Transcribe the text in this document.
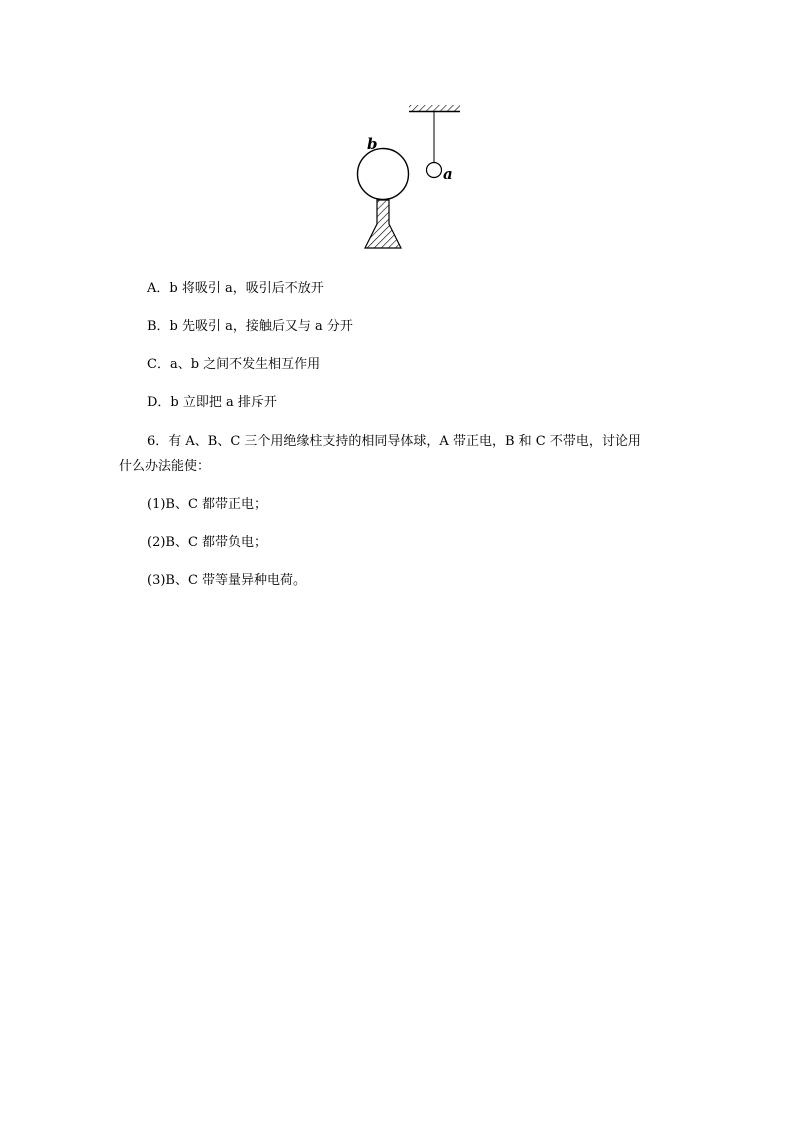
b
a
A．b 将吸引 a，吸引后不放开
B．b 先吸引 a，接触后又与 a 分开
C．a、b 之间不发生相互作用
D．b 立即把 a 排斥开
6．有 A、B、C 三个用绝缘柱支持的相同导体球，A 带正电，B 和 C 不带电，讨论用
什么办法能使：
(1)B、C 都带正电；
(2)B、C 都带负电；
(3)B、C 带等量异种电荷。
